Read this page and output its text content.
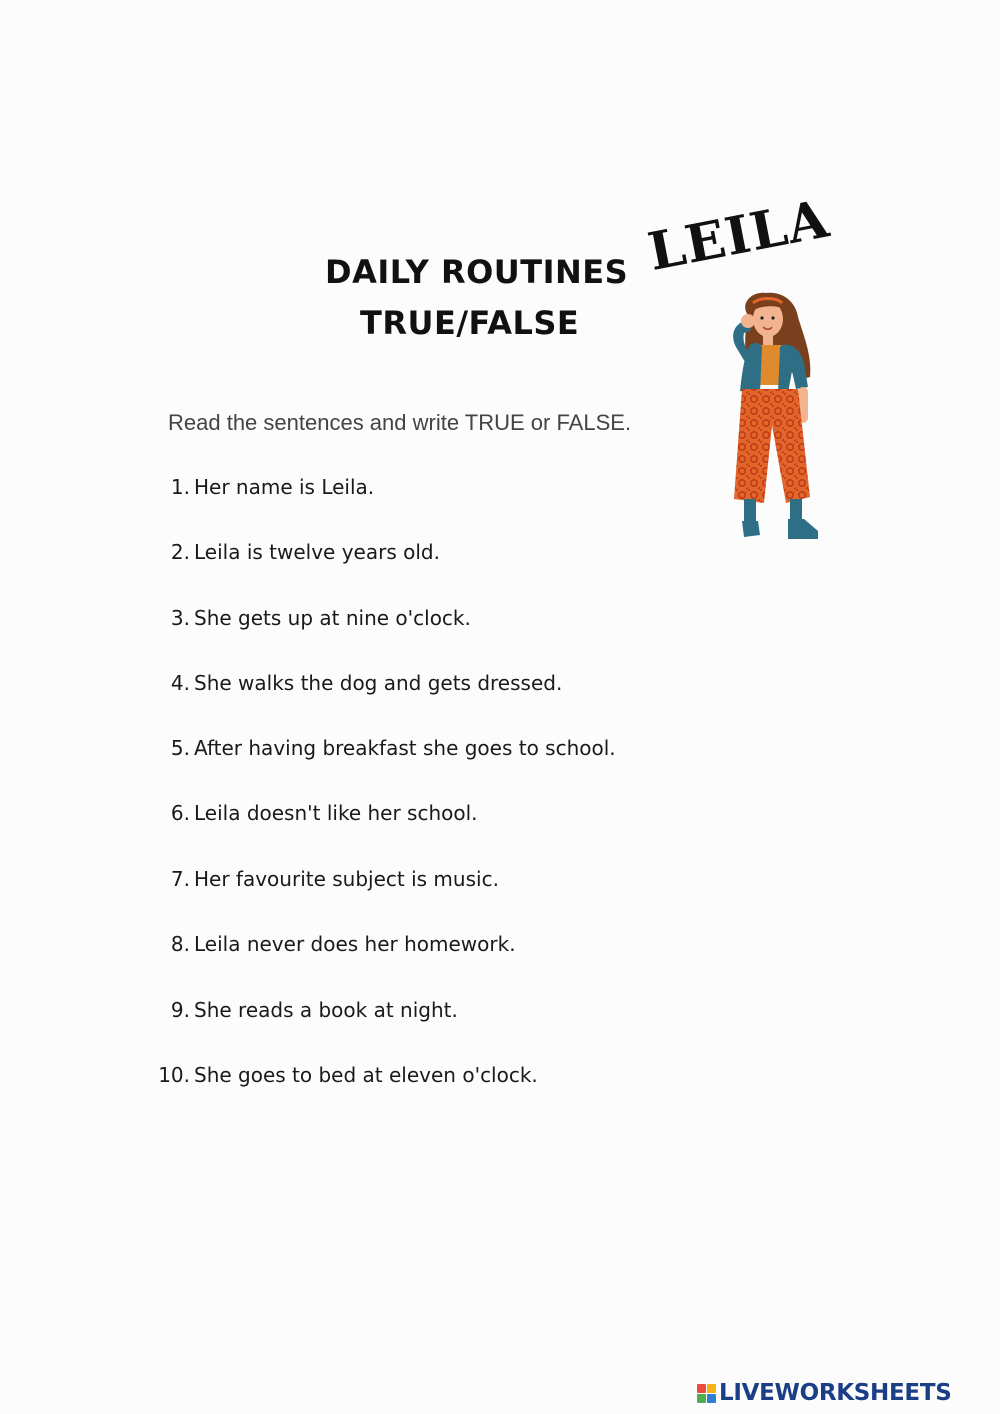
DAILY ROUTINES
TRUE/FALSE
LEILA
Read the sentences and write TRUE or FALSE.
1. Her name is Leila.
2. Leila is twelve years old.
3. She gets up at nine o'clock.
4. She walks the dog and gets dressed.
5. After having breakfast she goes to school.
6. Leila doesn't like her school.
7. Her favourite subject is music.
8. Leila never does her homework.
9. She reads a book at night.
10. She goes to bed at eleven o'clock.
LIVEWORKSHEETS
